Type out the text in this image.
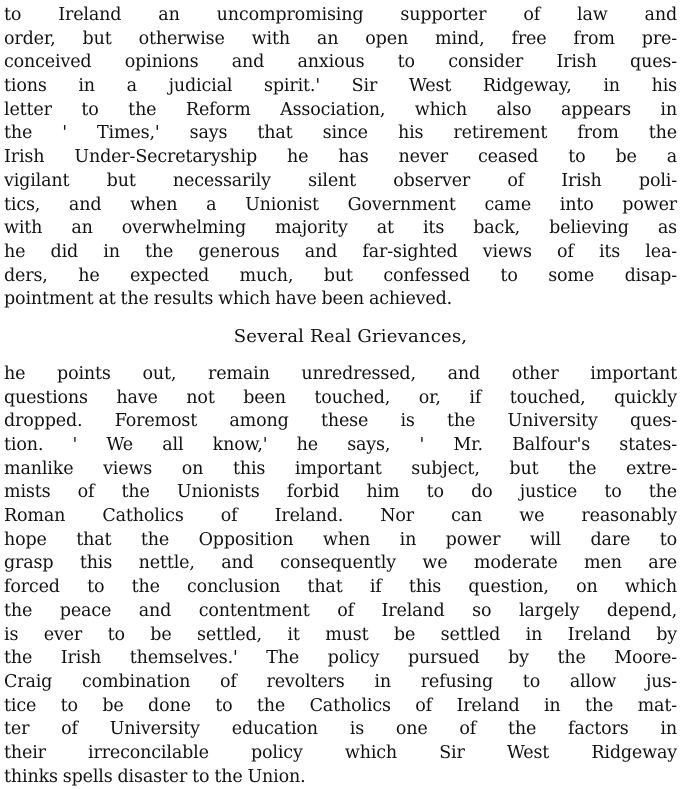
to Ireland an uncompromising supporter of law and
order, but otherwise with an open mind, free from pre-
conceived opinions and anxious to consider Irish ques-
tions in a judicial spirit.' Sir West Ridgeway, in his
letter to the Reform Association, which also appears in
the ' Times,' says that since his retirement from the
Irish Under-Secretaryship he has never ceased to be a
vigilant but necessarily silent observer of Irish poli-
tics, and when a Unionist Government came into power
with an overwhelming majority at its back, believing as
he did in the generous and far-sighted views of its lea-
ders, he expected much, but confessed to some disap-
pointment at the results which have been achieved.
Several Real Grievances,
he points out, remain unredressed, and other important
questions have not been touched, or, if touched, quickly
dropped. Foremost among these is the University ques-
tion. ' We all know,' he says, ' Mr. Balfour's states-
manlike views on this important subject, but the extre-
mists of the Unionists forbid him to do justice to the
Roman Catholics of Ireland. Nor can we reasonably
hope that the Opposition when in power will dare to
grasp this nettle, and consequently we moderate men are
forced to the conclusion that if this question, on which
the peace and contentment of Ireland so largely depend,
is ever to be settled, it must be settled in Ireland by
the Irish themselves.' The policy pursued by the Moore-
Craig combination of revolters in refusing to allow jus-
tice to be done to the Catholics of Ireland in the mat-
ter of University education is one of the factors in
their irreconcilable policy which Sir West Ridgeway
thinks spells disaster to the Union.
